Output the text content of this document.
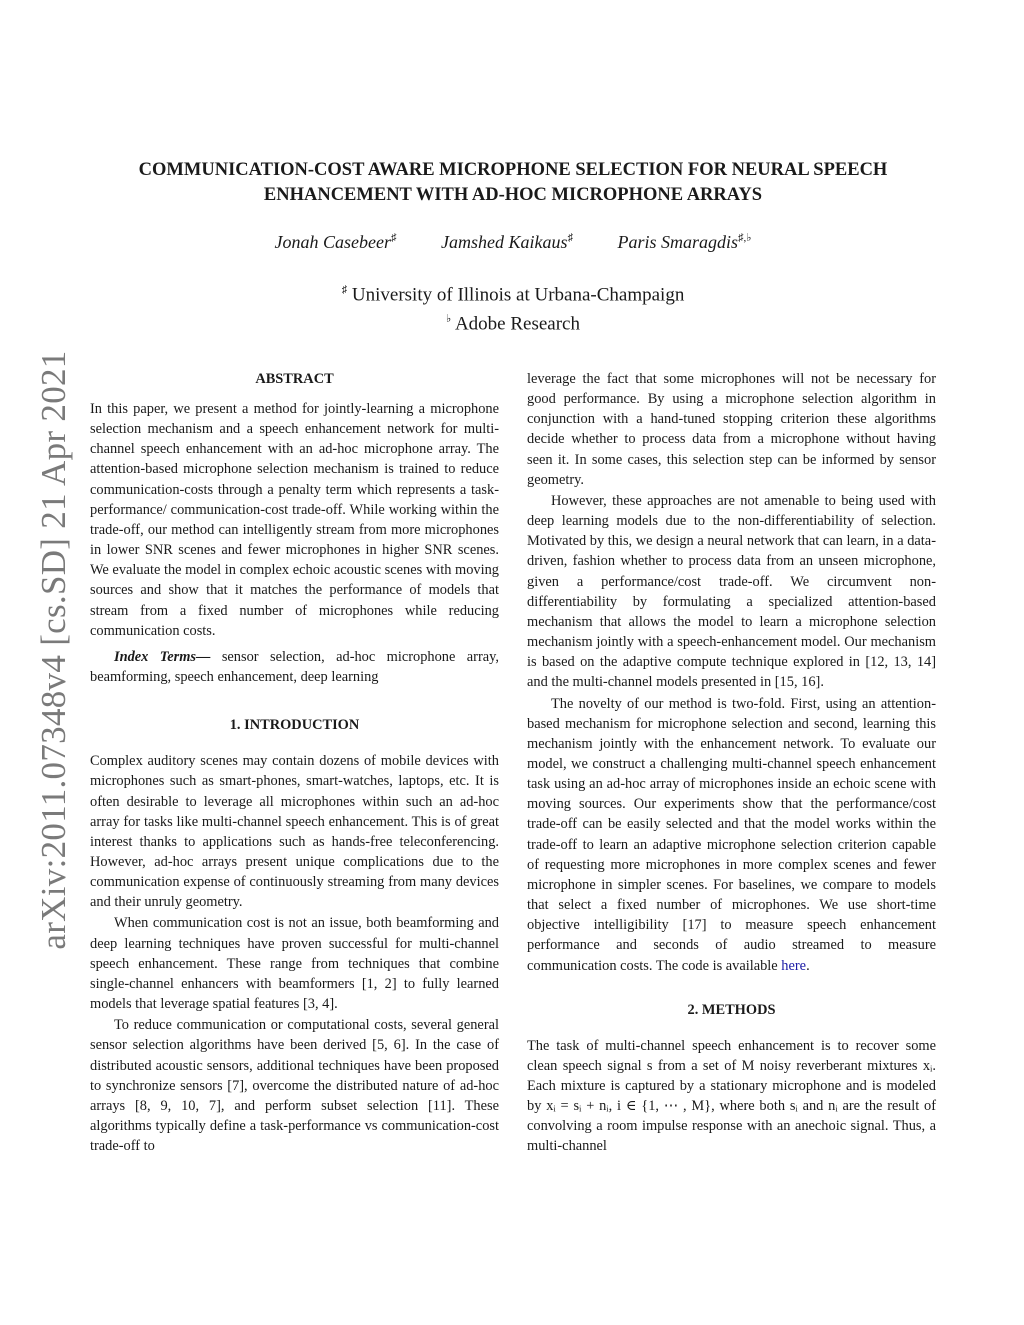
arXiv:2011.07348v4 [cs.SD] 21 Apr 2021
COMMUNICATION-COST AWARE MICROPHONE SELECTION FOR NEURAL SPEECH
ENHANCEMENT WITH AD-HOC MICROPHONE ARRAYS
Jonah Casebeer♯ Jamshed Kaikaus♯ Paris Smaragdis♯,♭
♯ University of Illinois at Urbana-Champaign
♭ Adobe Research
ABSTRACT

In this paper, we present a method for jointly-learning a microphone selection mechanism and a speech enhancement network for multi-channel speech enhancement with an ad-hoc microphone array. The attention-based microphone selection mechanism is trained to reduce communication-costs through a penalty term which represents a task-performance/ communication-cost trade-off. While working within the trade-off, our method can intelligently stream from more microphones in lower SNR scenes and fewer microphones in higher SNR scenes. We evaluate the model in complex echoic acoustic scenes with moving sources and show that it matches the performance of models that stream from a fixed number of microphones while reducing communication costs.

Index Terms— sensor selection, ad-hoc microphone array, beamforming, speech enhancement, deep learning

1. INTRODUCTION

Complex auditory scenes may contain dozens of mobile devices with microphones such as smart-phones, smart-watches, laptops, etc. It is often desirable to leverage all microphones within such an ad-hoc array for tasks like multi-channel speech enhancement. This is of great interest thanks to applications such as hands-free teleconferencing. However, ad-hoc arrays present unique complications due to the communication expense of continuously streaming from many devices and their unruly geometry.

When communication cost is not an issue, both beamforming and deep learning techniques have proven successful for multi-channel speech enhancement. These range from techniques that combine single-channel enhancers with beamformers [1, 2] to fully learned models that leverage spatial features [3, 4].

To reduce communication or computational costs, several general sensor selection algorithms have been derived [5, 6]. In the case of distributed acoustic sensors, additional techniques have been proposed to synchronize sensors [7], overcome the distributed nature of ad-hoc arrays [8, 9, 10, 7], and perform subset selection [11]. These algorithms typically define a task-performance vs communication-cost trade-off to

leverage the fact that some microphones will not be necessary for good performance. By using a microphone selection algorithm in conjunction with a hand-tuned stopping criterion these algorithms decide whether to process data from a microphone without having seen it. In some cases, this selection step can be informed by sensor geometry.

However, these approaches are not amenable to being used with deep learning models due to the non-differentiability of selection. Motivated by this, we design a neural network that can learn, in a data-driven, fashion whether to process data from an unseen microphone, given a performance/cost trade-off. We circumvent non-differentiability by formulating a specialized attention-based mechanism that allows the model to learn a microphone selection mechanism jointly with a speech-enhancement model. Our mechanism is based on the adaptive compute technique explored in [12, 13, 14] and the multi-channel models presented in [15, 16].

The novelty of our method is two-fold. First, using an attention-based mechanism for microphone selection and second, learning this mechanism jointly with the enhancement network. To evaluate our model, we construct a challenging multi-channel speech enhancement task using an ad-hoc array of microphones inside an echoic scene with moving sources. Our experiments show that the performance/cost trade-off can be easily selected and that the model works within the trade-off to learn an adaptive microphone selection criterion capable of requesting more microphones in more complex scenes and fewer microphone in simpler scenes. For baselines, we compare to models that select a fixed number of microphones. We use short-time objective intelligibility [17] to measure speech enhancement performance and seconds of audio streamed to measure communication costs. The code is available here.

2. METHODS

The task of multi-channel speech enhancement is to recover some clean speech signal s from a set of M noisy reverberant mixtures xᵢ. Each mixture is captured by a stationary microphone and is modeled by xᵢ = sᵢ + nᵢ, i ∈ {1, ⋯ , M}, where both sᵢ and nᵢ are the result of convolving a room impulse response with an anechoic signal. Thus, a multi-channel
